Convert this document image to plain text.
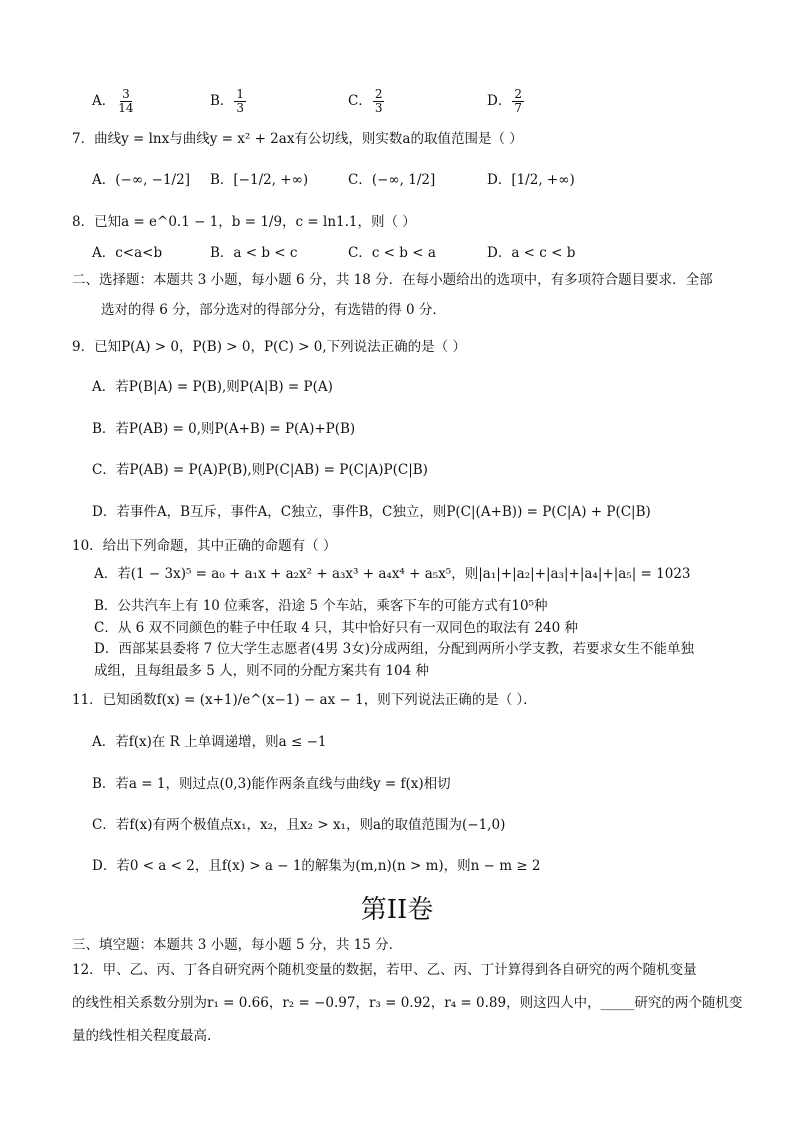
A． $\frac{3}{14}$	B． $\frac{1}{3}$	C． $\frac{2}{3}$	D． $\frac{2}{7}$
7．曲线y = lnx与曲线y = x² + 2ax有公切线，则实数a的取值范围是（ ）
A．(−∞, −1/2] B．[−1/2, +∞)	C．(−∞, 1/2]	D．[1/2, +∞)
8．已知a = e^0.1 − 1，b = 1/9，c = ln1.1，则（ ）
A．c<a<b	B．a < b < c	C．c < b < a	D．a < c < b
二、选择题：本题共 3 小题，每小题 6 分，共 18 分．在每小题给出的选项中，有多项符合题目要求．全部
选对的得 6 分，部分选对的得部分分，有选错的得 0 分．
9．已知P(A) > 0，P(B) > 0，P(C) > 0,下列说法正确的是（ ）
A．若P(B|A) = P(B),则P(A|B) = P(A)
B．若P(AB) = 0,则P(A+B) = P(A)+P(B)
C．若P(AB) = P(A)P(B),则P(C|AB) = P(C|A)P(C|B)
D．若事件A，B互斥，事件A，C独立，事件B，C独立，则P(C|(A+B)) = P(C|A) + P(C|B)
10．给出下列命题，其中正确的命题有（ ）
A．若(1 − 3x)⁵ = a₀ + a₁x + a₂x² + a₃x³ + a₄x⁴ + a₅x⁵，则|a₁|+|a₂|+|a₃|+|a₄|+|a₅| = 1023
B．公共汽车上有 10 位乘客，沿途 5 个车站，乘客下车的可能方式有10⁵种
C．从 6 双不同颜色的鞋子中任取 4 只，其中恰好只有一双同色的取法有 240 种
D．西部某县委将 7 位大学生志愿者(4男 3女)分成两组，分配到两所小学支教，若要求女生不能单独
成组，且每组最多 5 人，则不同的分配方案共有 104 种
11．已知函数f(x) = (x+1)/e^(x−1) − ax − 1，则下列说法正确的是（ ）．
A．若f(x)在 R 上单调递增，则a ≤ −1
B．若a = 1，则过点(0,3)能作两条直线与曲线y = f(x)相切
C．若f(x)有两个极值点x₁，x₂，且x₂ > x₁，则a的取值范围为(−1,0)
D．若0 < a < 2，且f(x) > a − 1的解集为(m,n)(n > m)，则n − m ≥ 2
第II卷
三、填空题：本题共 3 小题，每小题 5 分，共 15 分．
12．甲、乙、丙、丁各自研究两个随机变量的数据，若甲、乙、丙、丁计算得到各自研究的两个随机变量
的线性相关系数分别为r₁ = 0.66，r₂ = −0.97，r₃ = 0.92，r₄ = 0.89，则这四人中，_____研究的两个随机变
量的线性相关程度最高.
